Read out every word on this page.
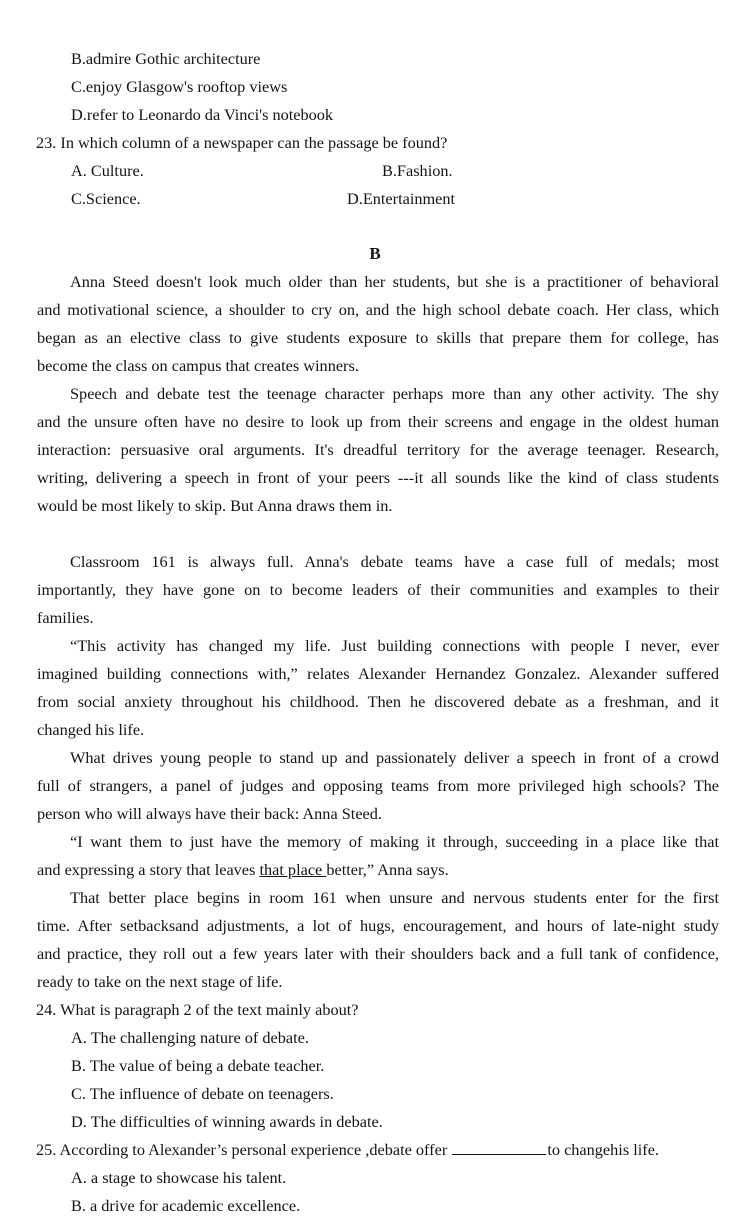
B.admire Gothic architecture
C.enjoy Glasgow's rooftop views
D.refer to Leonardo da Vinci's notebook
23. In which column of a newspaper can the passage be found?
A. Culture.	B.Fashion.
C.Science.	D.Entertainment
B
Anna Steed doesn't look much older than her students, but she is a practitioner of behavioral
and motivational science, a shoulder to cry on, and the high school debate coach. Her class, which
began as an elective class to give students exposure to skills that prepare them for college, has
become the class on campus that creates winners.
Speech and debate test the teenage character perhaps more than any other activity. The shy
and the unsure often have no desire to look up from their screens and engage in the oldest human
interaction: persuasive oral arguments. It's dreadful territory for the average teenager. Research,
writing, delivering a speech in front of your peers ---it all sounds like the kind of class students
would be most likely to skip. But Anna draws them in.
Classroom 161 is always full. Anna's debate teams have a case full of medals; most
importantly, they have gone on to become leaders of their communities and examples to their
families.
“This activity has changed my life. Just building connections with people I never, ever
imagined building connections with,” relates Alexander Hernandez Gonzalez. Alexander suffered
from social anxiety throughout his childhood. Then he discovered debate as a freshman, and it
changed his life.
What drives young people to stand up and passionately deliver a speech in front of a crowd
full of strangers, a panel of judges and opposing teams from more privileged high schools? The
person who will always have their back: Anna Steed.
“I want them to just have the memory of making it through, succeeding in a place like that
and expressing a story that leaves that place better,” Anna says.
That better place begins in room 161 when unsure and nervous students enter for the first
time. After setbacksand adjustments, a lot of hugs, encouragement, and hours of late-night study
and practice, they roll out a few years later with their shoulders back and a full tank of confidence,
ready to take on the next stage of life.
24. What is paragraph 2 of the text mainly about?
A. The challenging nature of debate.
B. The value of being a debate teacher.
C. The influence of debate on teenagers.
D. The difficulties of winning awards in debate.
25. According to Alexander’s personal experience ,debate offer	to changehis life.
A. a stage to showcase his talent.
B. a drive for academic excellence.
